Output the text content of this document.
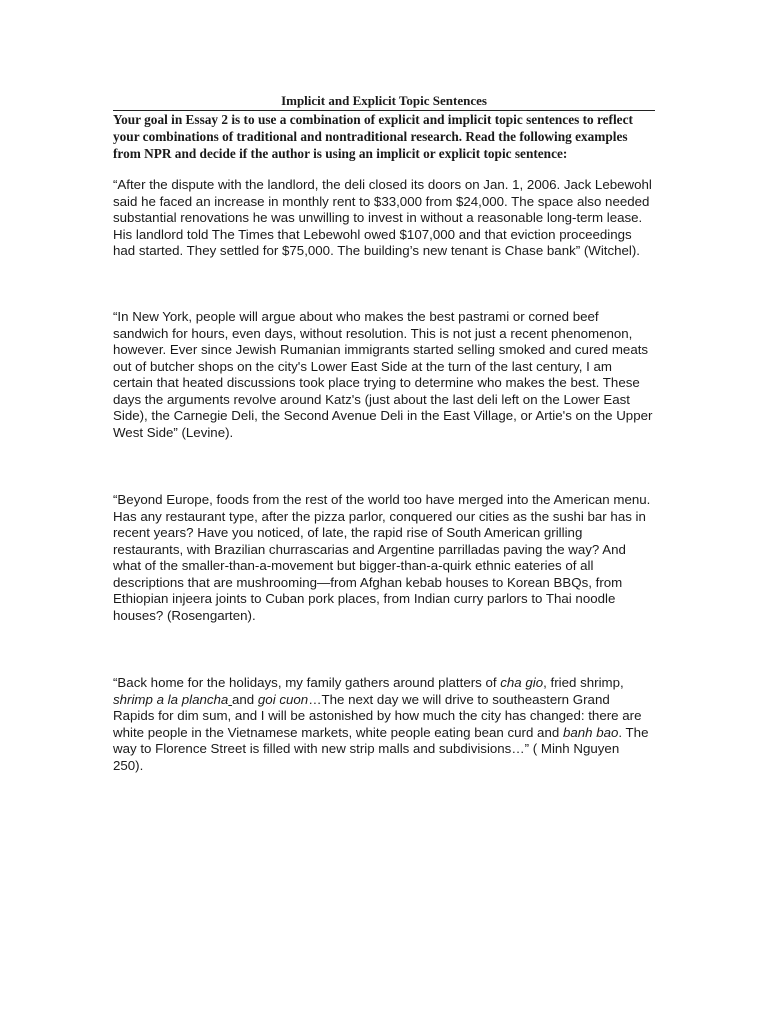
Implicit and Explicit Topic Sentences

Your goal in Essay 2 is to use a combination of explicit and implicit topic sentences to reflect your combinations of traditional and nontraditional research. Read the following examples from NPR and decide if the author is using an implicit or explicit topic sentence:

“After the dispute with the landlord, the deli closed its doors on Jan. 1, 2006. Jack Lebewohl said he faced an increase in monthly rent to $33,000 from $24,000. The space also needed substantial renovations he was unwilling to invest in without a reasonable long-term lease. His landlord told The Times that Lebewohl owed $107,000 and that eviction proceedings had started. They settled for $75,000. The building’s new tenant is Chase bank” (Witchel).

“In New York, people will argue about who makes the best pastrami or corned beef sandwich for hours, even days, without resolution. This is not just a recent phenomenon, however. Ever since Jewish Rumanian immigrants started selling smoked and cured meats out of butcher shops on the city's Lower East Side at the turn of the last century, I am certain that heated discussions took place trying to determine who makes the best. These days the arguments revolve around Katz's (just about the last deli left on the Lower East Side), the Carnegie Deli, the Second Avenue Deli in the East Village, or Artie's on the Upper West Side” (Levine).

“Beyond Europe, foods from the rest of the world too have merged into the American menu. Has any restaurant type, after the pizza parlor, conquered our cities as the sushi bar has in recent years? Have you noticed, of late, the rapid rise of South American grilling restaurants, with Brazilian churrascarias and Argentine parrilladas paving the way? And what of the smaller-than-a-movement but bigger-than-a-quirk ethnic eateries of all descriptions that are mushrooming—from Afghan kebab houses to Korean BBQs, from Ethiopian injeera joints to Cuban pork places, from Indian curry parlors to Thai noodle houses? (Rosengarten).

“Back home for the holidays, my family gathers around platters of cha gio, fried shrimp, shrimp a la plancha and goi cuon…The next day we will drive to southeastern Grand Rapids for dim sum, and I will be astonished by how much the city has changed: there are white people in the Vietnamese markets, white people eating bean curd and banh bao. The way to Florence Street is filled with new strip malls and subdivisions…” ( Minh Nguyen 250).
